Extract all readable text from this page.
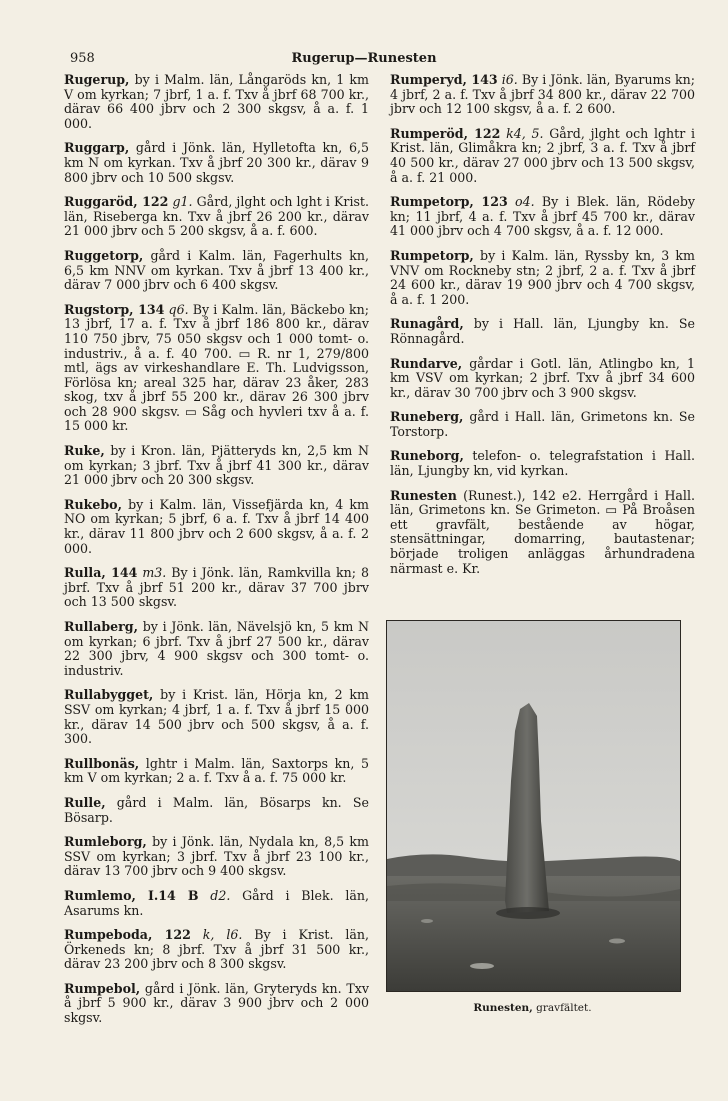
958	Rugerup—Runesten

Rugerup, by i Malm. län, Långaröds kn, 1 km V om kyrkan; 7 jbrf, 1 a. f. Txv å jbrf 68 700 kr., därav 66 400 jbrv och 2 300 skgsv, å a. f. 1 000.

Ruggarp, gård i Jönk. län, Hylletofta kn, 6,5 km N om kyrkan. Txv å jbrf 20 300 kr., därav 9 800 jbrv och 10 500 skgsv.

Ruggaröd, 122 g1. Gård, jlght och lght i Krist. län, Riseberga kn. Txv å jbrf 26 200 kr., därav 21 000 jbrv och 5 200 skgsv, å a. f. 600.

Ruggetorp, gård i Kalm. län, Fagerhults kn, 6,5 km NNV om kyrkan. Txv å jbrf 13 400 kr., därav 7 000 jbrv och 6 400 skgsv.

Rugstorp, 134 q6. By i Kalm. län, Bäckebo kn; 13 jbrf, 17 a. f. Txv å jbrf 186 800 kr., därav 110 750 jbrv, 75 050 skgsv och 1 000 tomt- o. industriv., å a. f. 40 700. ▭ R. nr 1, 279/800 mtl, ägs av virkeshandlare E. Th. Ludvigsson, Förlösa kn; areal 325 har, därav 23 åker, 283 skog, txv å jbrf 55 200 kr., därav 26 300 jbrv och 28 900 skgsv. ▭ Såg och hyvleri txv å a. f. 15 000 kr.

Ruke, by i Kron. län, Pjätteryds kn, 2,5 km N om kyrkan; 3 jbrf. Txv å jbrf 41 300 kr., därav 21 000 jbrv och 20 300 skgsv.

Rukebo, by i Kalm. län, Vissefjärda kn, 4 km NO om kyrkan; 5 jbrf, 6 a. f. Txv å jbrf 14 400 kr., därav 11 800 jbrv och 2 600 skgsv, å a. f. 2 000.

Rulla, 144 m3. By i Jönk. län, Ramkvilla kn; 8 jbrf. Txv å jbrf 51 200 kr., därav 37 700 jbrv och 13 500 skgsv.

Rullaberg, by i Jönk. län, Nävelsjö kn, 5 km N om kyrkan; 6 jbrf. Txv å jbrf 27 500 kr., därav 22 300 jbrv, 4 900 skgsv och 300 tomt- o. industriv.

Rullabygget, by i Krist. län, Hörja kn, 2 km SSV om kyrkan; 4 jbrf, 1 a. f. Txv å jbrf 15 000 kr., därav 14 500 jbrv och 500 skgsv, å a. f. 300.

Rullbonäs, lghtr i Malm. län, Saxtorps kn, 5 km V om kyrkan; 2 a. f. Txv å a. f. 75 000 kr.

Rulle, gård i Malm. län, Bösarps kn. Se Bösarp.

Rumleborg, by i Jönk. län, Nydala kn, 8,5 km SSV om kyrkan; 3 jbrf. Txv å jbrf 23 100 kr., därav 13 700 jbrv och 9 400 skgsv.

Rumlemo, I.14 B d2. Gård i Blek. län, Asarums kn.

Rumpeboda, 122 k, l6. By i Krist. län, Örkeneds kn; 8 jbrf. Txv å jbrf 31 500 kr., därav 23 200 jbrv och 8 300 skgsv.

Rumpebol, gård i Jönk. län, Gryteryds kn. Txv å jbrf 5 900 kr., därav 3 900 jbrv och 2 000 skgsv.

Rumperyd, 143 i6. By i Jönk. län, Byarums kn; 4 jbrf, 2 a. f. Txv å jbrf 34 800 kr., därav 22 700 jbrv och 12 100 skgsv, å a. f. 2 600.

Rumperöd, 122 k4, 5. Gård, jlght och lghtr i Krist. län, Glimåkra kn; 2 jbrf, 3 a. f. Txv å jbrf 40 500 kr., därav 27 000 jbrv och 13 500 skgsv, å a. f. 21 000.

Rumpetorp, 123 o4. By i Blek. län, Rödeby kn; 11 jbrf, 4 a. f. Txv å jbrf 45 700 kr., därav 41 000 jbrv och 4 700 skgsv, å a. f. 12 000.

Rumpetorp, by i Kalm. län, Ryssby kn, 3 km VNV om Rockneby stn; 2 jbrf, 2 a. f. Txv å jbrf 24 600 kr., därav 19 900 jbrv och 4 700 skgsv, å a. f. 1 200.

Runagård, by i Hall. län, Ljungby kn. Se Rönnagård.

Rundarve, gårdar i Gotl. län, Atlingbo kn, 1 km VSV om kyrkan; 2 jbrf. Txv å jbrf 34 600 kr., därav 30 700 jbrv och 3 900 skgsv.

Runeberg, gård i Hall. län, Grimetons kn. Se Torstorp.

Runeborg, telefon- o. telegrafstation i Hall. län, Ljungby kn, vid kyrkan.

Runesten (Runest.), 142 e2. Herrgård i Hall. län, Grimetons kn. Se Grimeton. ▭ På Broåsen ett gravfält, bestående av högar, stensättningar, domarring, bautastenar; började troligen anläggas århundradena närmast e. Kr.

Runesten, gravfältet.
